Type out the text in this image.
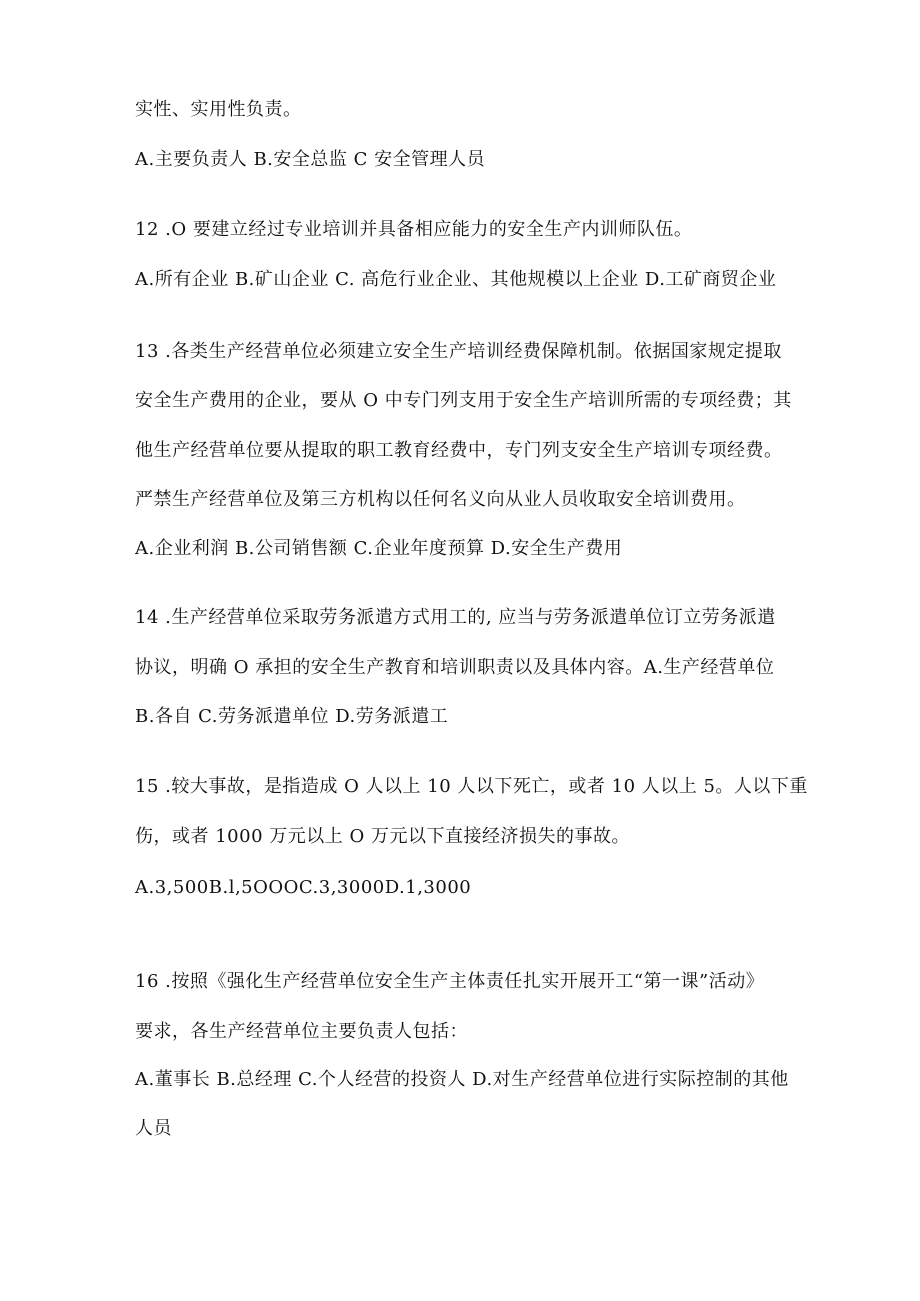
实性、实用性负责。
A.主要负责人 B.安全总监 C 安全管理人员
12 .O 要建立经过专业培训并具备相应能力的安全生产内训师队伍。
A.所有企业 B.矿山企业 C. 高危行业企业、其他规模以上企业 D.工矿商贸企业
13 .各类生产经营单位必须建立安全生产培训经费保障机制。依据国家规定提取
安全生产费用的企业，要从 O 中专门列支用于安全生产培训所需的专项经费；其
他生产经营单位要从提取的职工教育经费中，专门列支安全生产培训专项经费。
严禁生产经营单位及第三方机构以任何名义向从业人员收取安全培训费用。
A.企业利润 B.公司销售额 C.企业年度预算 D.安全生产费用
14 .生产经营单位采取劳务派遣方式用工的, 应当与劳务派遣单位订立劳务派遣
协议，明确 O 承担的安全生产教育和培训职责以及具体内容。A.生产经营单位
B.各自 C.劳务派遣单位 D.劳务派遣工
15 .较大事故，是指造成 O 人以上 10 人以下死亡，或者 10 人以上 5。人以下重
伤，或者 1000 万元以上 O 万元以下直接经济损失的事故。
A.3,500B.l,5OOOC.3,3000D.1,3000
16 .按照《强化生产经营单位安全生产主体责任扎实开展开工“第一课”活动》
要求，各生产经营单位主要负责人包括：
A.董事长 B.总经理 C.个人经营的投资人 D.对生产经营单位进行实际控制的其他
人员
